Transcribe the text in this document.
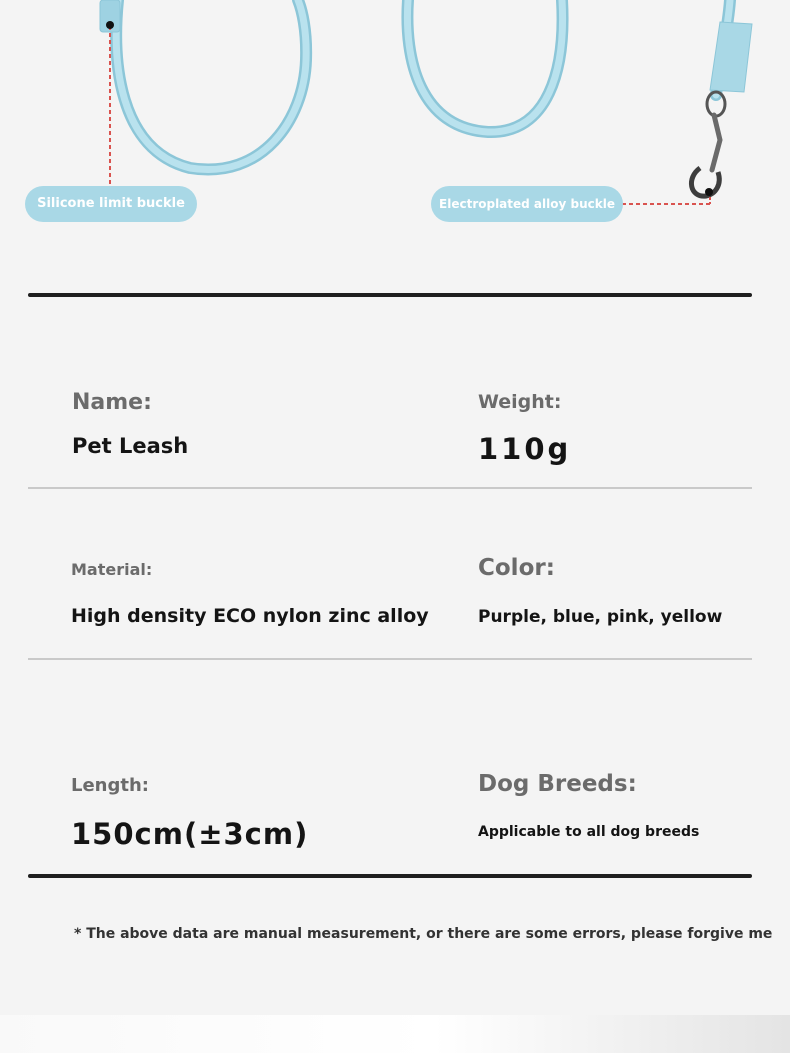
Silicone limit buckle	Electroplated alloy buckle
Name:
Pet Leash
Weight:
110g
Material:
High density ECO nylon zinc alloy
Color:
Purple, blue, pink, yellow
Length:
150cm(±3cm)
Dog Breeds:
Applicable to all dog breeds
* The above data are manual measurement, or there are some errors, please forgive me
